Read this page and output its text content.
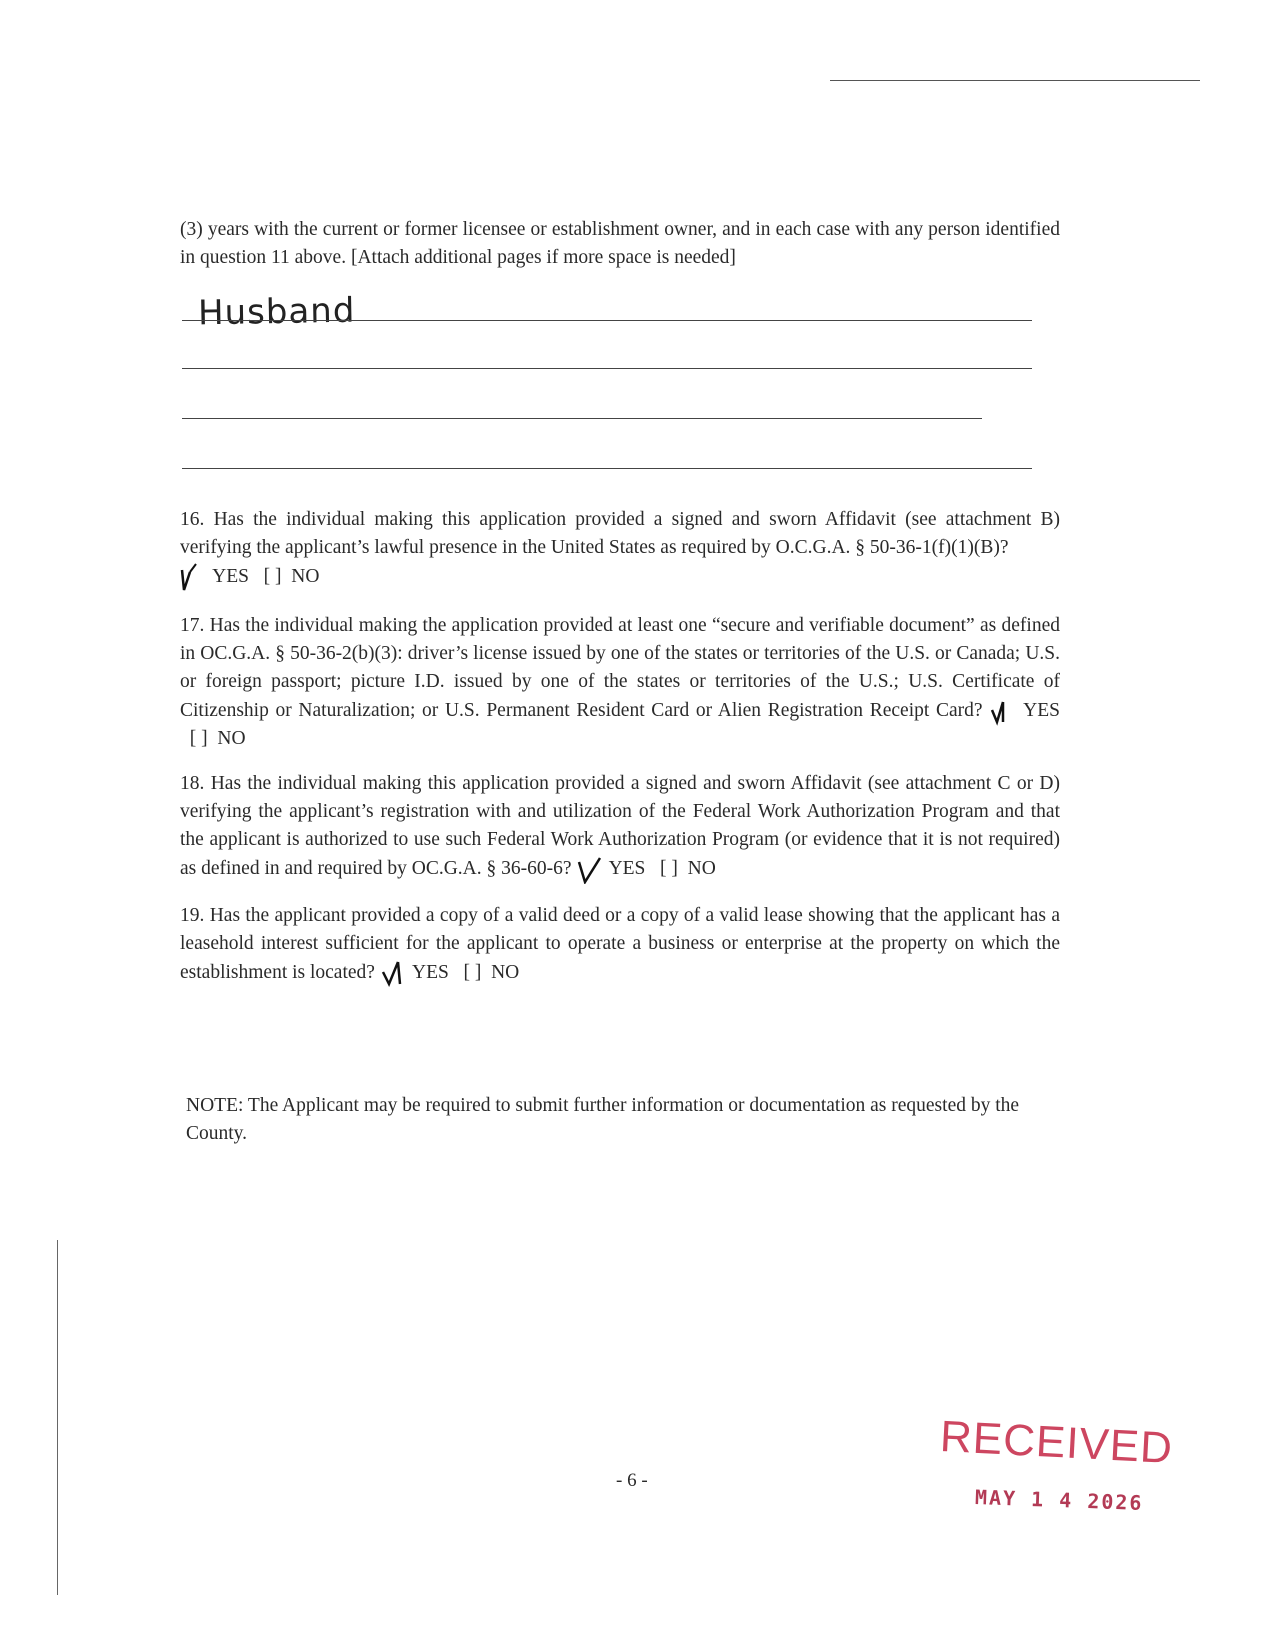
(3) years with the current or former licensee or establishment owner, and in each case with any person identified in question 11 above. [Attach additional pages if more space is needed]

Husband

16. Has the individual making this application provided a signed and sworn Affidavit (see attachment B) verifying the applicant’s lawful presence in the United States as required by O.C.G.A. § 50-36-1(f)(1)(B)?

YES   [ ]  NO

17. Has the individual making the application provided at least one “secure and verifiable document” as defined in OC.G.A. § 50-36-2(b)(3): driver’s license issued by one of the states or territories of the U.S. or Canada; U.S. or foreign passport; picture I.D. issued by one of the states or territories of the U.S.; U.S. Certificate of Citizenship or Naturalization; or U.S. Permanent Resident Card or Alien Registration Receipt Card? YES   [ ]  NO

18. Has the individual making this application provided a signed and sworn Affidavit (see attachment C or D) verifying the applicant’s registration with and utilization of the Federal Work Authorization Program and that the applicant is authorized to use such Federal Work Authorization Program (or evidence that it is not required) as defined in and required by OC.G.A. § 36-60-6? YES   [ ]  NO

19. Has the applicant provided a copy of a valid deed or a copy of a valid lease showing that the applicant has a leasehold interest sufficient for the applicant to operate a business or enterprise at the property on which the establishment is located? YES   [ ]  NO

NOTE: The Applicant may be required to submit further information or documentation as requested by the County.

- 6 -
RECEIVED
MAY 1 4 2026
